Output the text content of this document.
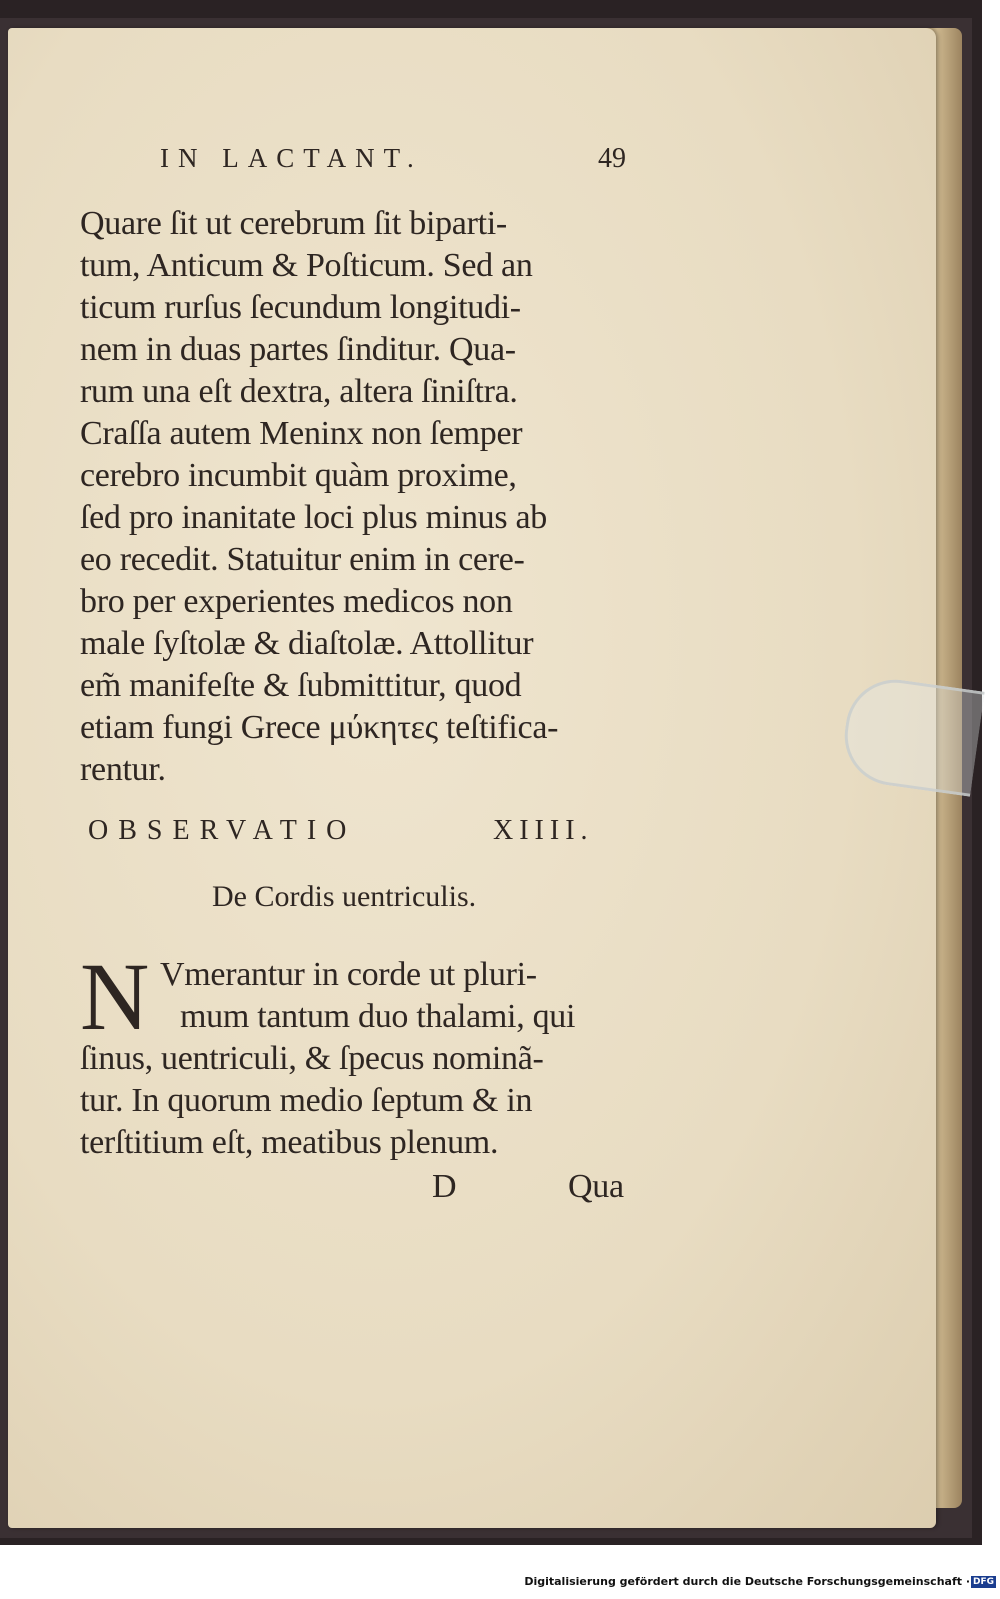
IN LACTANT.	49
Quare ſit ut cerebrum ſit biparti-
tum, Anticum & Poſticum. Sed an
ticum rurſus ſecundum longitudi-
nem in duas partes ſinditur. Qua-
rum una eſt dextra, altera ſiniſtra.
Craſſa autem Meninx non ſemper
cerebro incumbit quàm proxime,
ſed pro inanitate loci plus minus ab
eo recedit. Statuitur enim in cere-
bro per experientes medicos non
male ſyſtolæ & diaſtolæ. Attollitur
em̃ manifeſte & ſubmittitur, quod
etiam fungi Grece μύκητες teſtifica-
rentur.
OBSERVATIO	XIIII.
De Cordis uentriculis.
N Vmerantur in corde ut pluri-
mum tantum duo thalami, qui
ſinus, uentriculi, & ſpecus nominã-
tur. In quorum medio ſeptum & in
terſtitium eſt, meatibus plenum.
D	Qua
Digitalisierung gefördert durch die Deutsche Forschungsgemeinschaft · DFG
